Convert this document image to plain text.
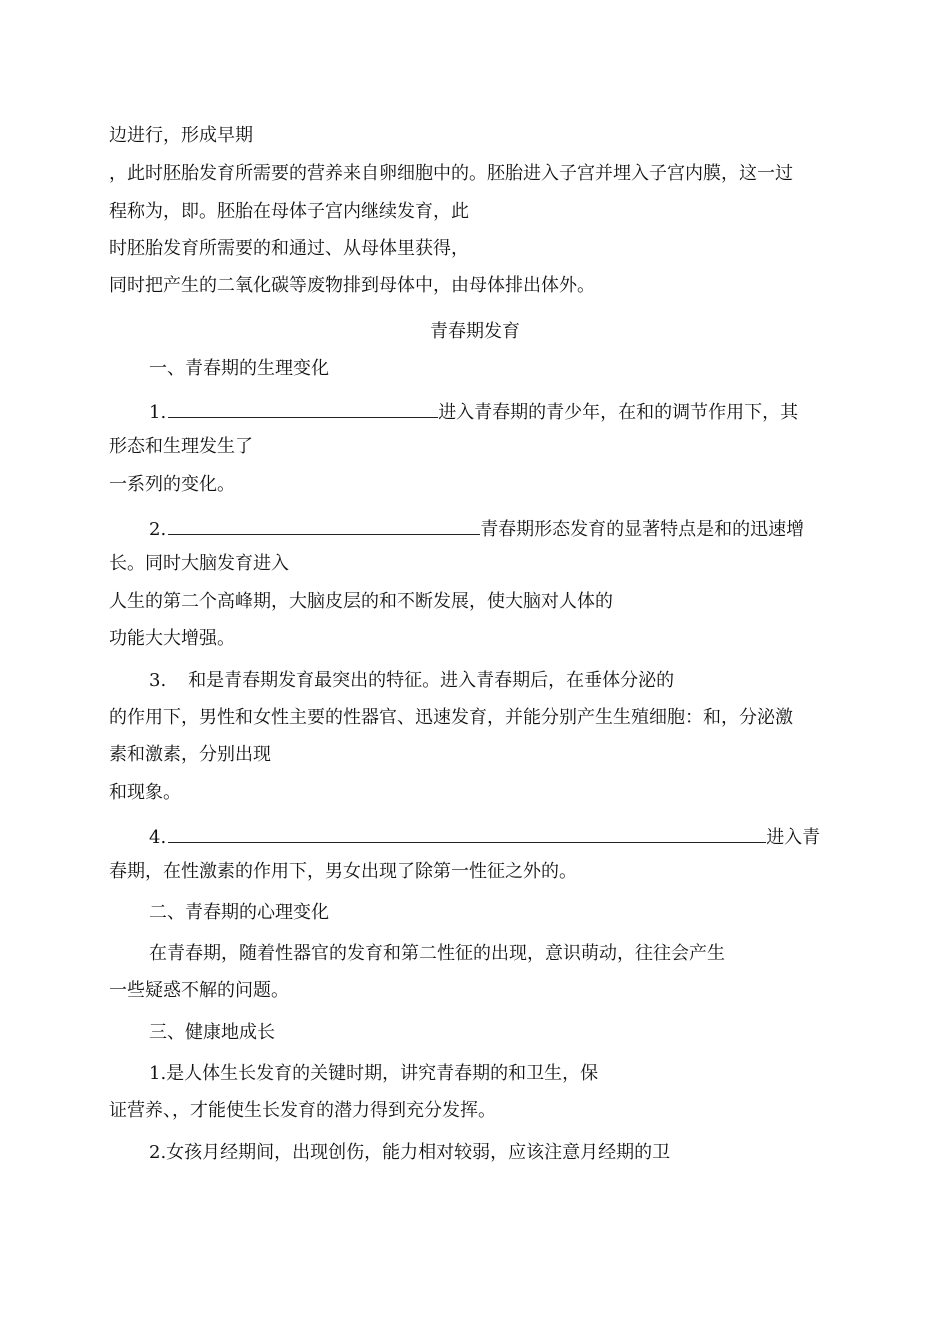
边进行，形成早期
，此时胚胎发育所需要的营养来自卵细胞中的。胚胎进入子宫并埋入子宫内膜，这一过
程称为，即。胚胎在母体子宫内继续发育，此
时胚胎发育所需要的和通过、从母体里获得，
同时把产生的二氧化碳等废物排到母体中，由母体排出体外。
青春期发育
一、青春期的生理变化
1.	进入青春期的青少年，在和的调节作用下，其
形态和生理发生了
一系列的变化。
2.	青春期形态发育的显著特点是和的迅速增
长。同时大脑发育进入
人生的第二个高峰期，大脑皮层的和不断发展，使大脑对人体的
功能大大增强。
3. 和是青春期发育最突出的特征。进入青春期后，在垂体分泌的
的作用下，男性和女性主要的性器官、迅速发育，并能分别产生生殖细胞：和，分泌激
素和激素，分别出现
和现象。
4.	进入青
春期，在性激素的作用下，男女出现了除第一性征之外的。
二、青春期的心理变化
在青春期，随着性器官的发育和第二性征的出现，意识萌动，往往会产生
一些疑惑不解的问题。
三、健康地成长
1.是人体生长发育的关键时期，讲究青春期的和卫生，保
证营养、，才能使生长发育的潜力得到充分发挥。
2.女孩月经期间，出现创伤，能力相对较弱，应该注意月经期的卫
